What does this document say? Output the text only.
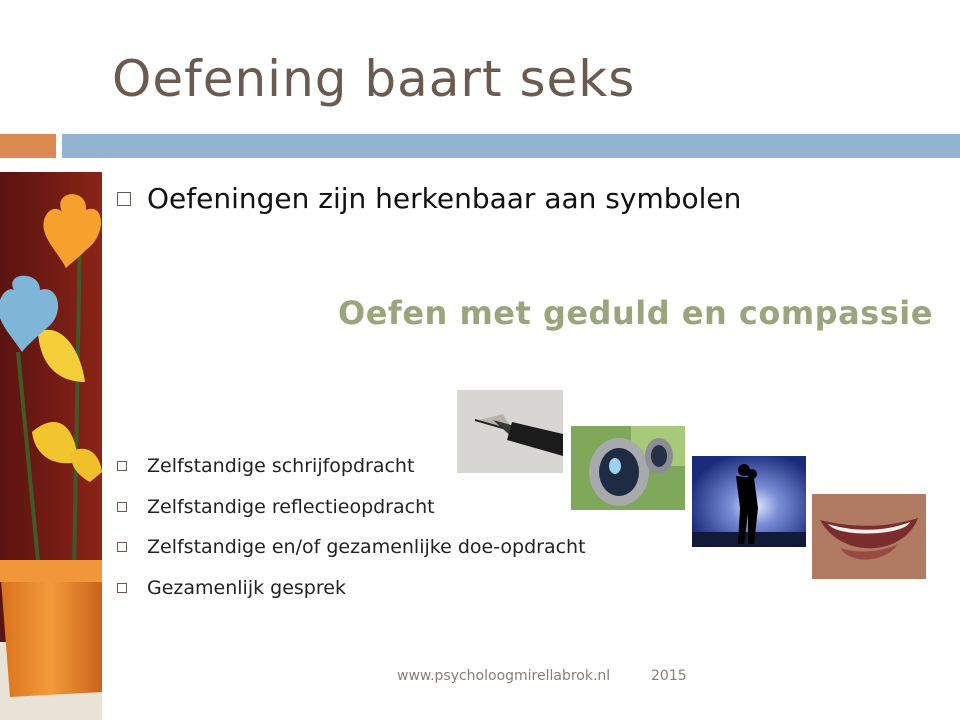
Oefening baart seks
Oefeningen zijn herkenbaar aan symbolen
Oefen met geduld en compassie
Zelfstandige schrijfopdracht
Zelfstandige reflectieopdracht
Zelfstandige en/of gezamenlijke doe-opdracht
Gezamenlijk gesprek
www.psycholoogmirellabrok.nl	2015
